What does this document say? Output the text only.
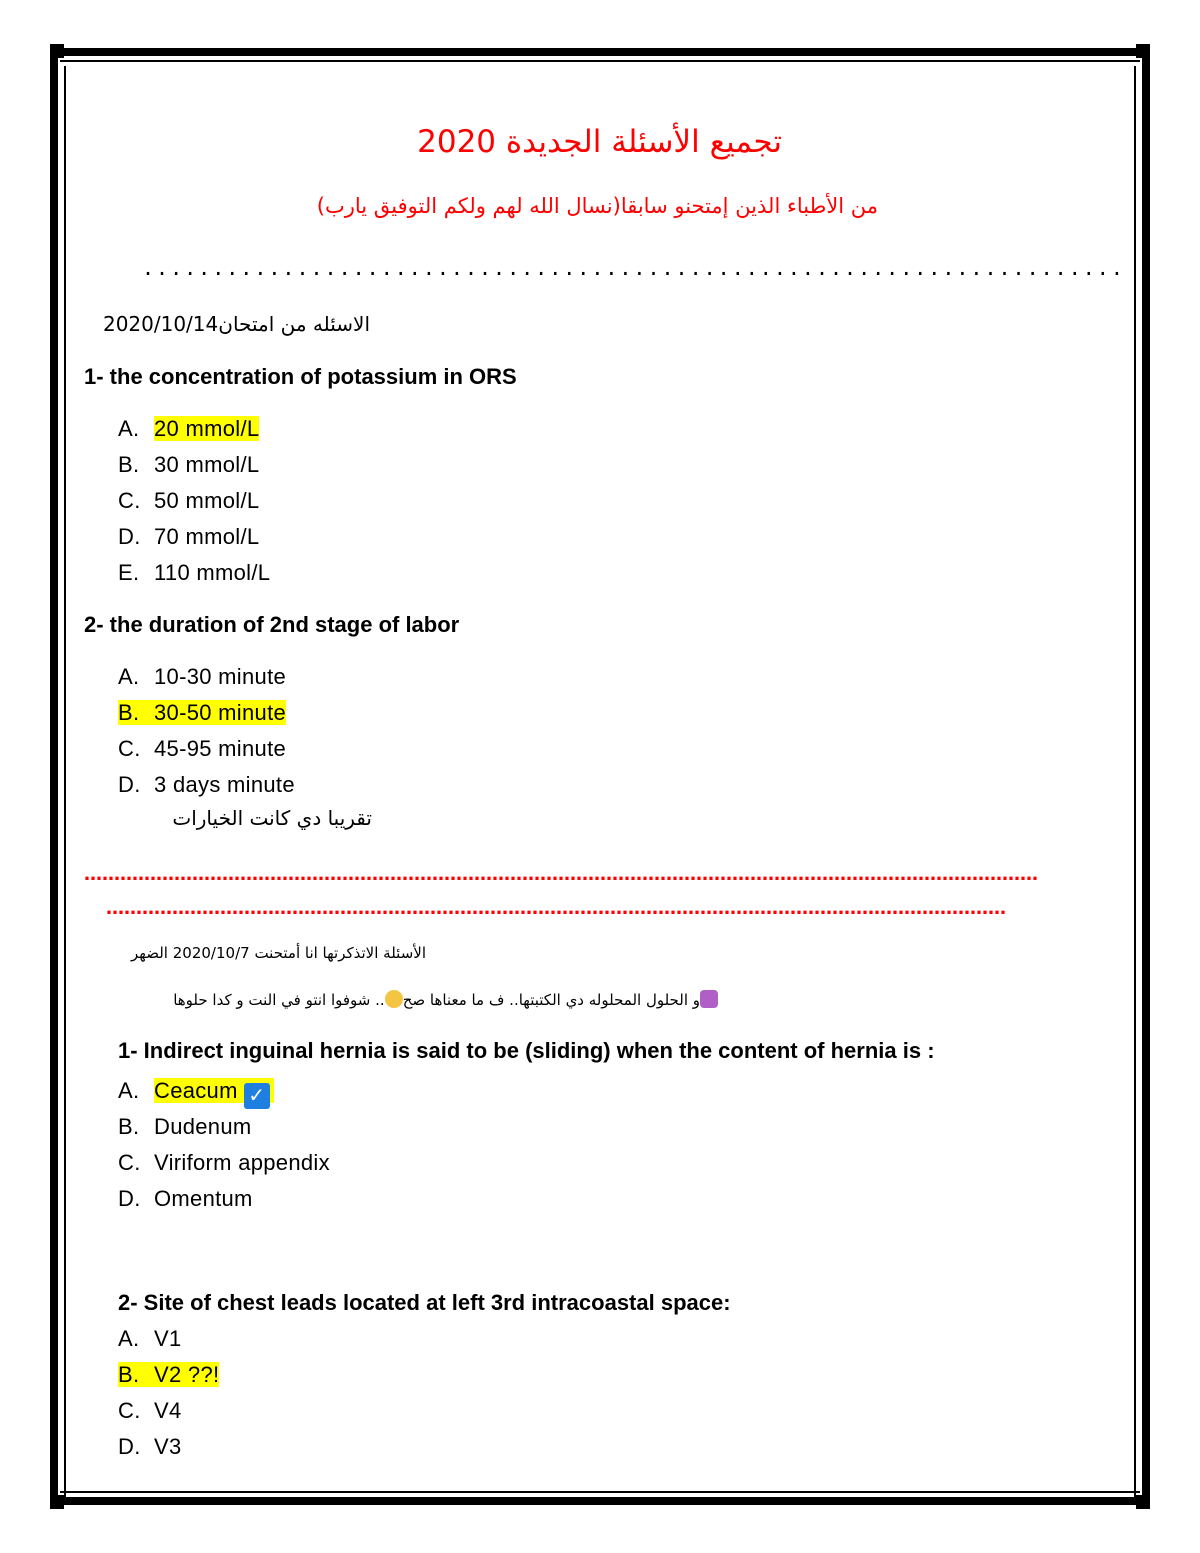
تجميع الأسئلة الجديدة 2020
من الأطباء الذين إمتحنو سابقا(نسال الله لهم ولكم التوفيق يارب)
......................................................................
الاسئله من امتحان2020/10/14
1- the concentration of potassium in ORS
A. 20 mmol/L
B. 30 mmol/L
C. 50 mmol/L
D. 70 mmol/L
E. 110 mmol/L
2- the duration of 2nd stage of labor
A. 10-30 minute
B. 30-50 minute
C. 45-95 minute
D. 3 days minute
تقريبا دي كانت الخيارات
……………………………………………………………………………………………………………………………………………
……………………………………………………………………………………………………………………………………
الأسئلة الاتذكرتها انا أمتحنت 2020/10/7 الضهر
و الحلول المحلوله دي الكتبتها.. ف ما معناها صح.. شوفوا انتو في النت و كدا حلوها
1- Indirect inguinal hernia is said to be (sliding) when the content of hernia is :
A. Ceacum ✓
B. Dudenum
C. Viriform appendix
D. Omentum
2- Site of chest leads located at left 3rd intracoastal space:
A. V1
B. V2 ??!
C. V4
D. V3
